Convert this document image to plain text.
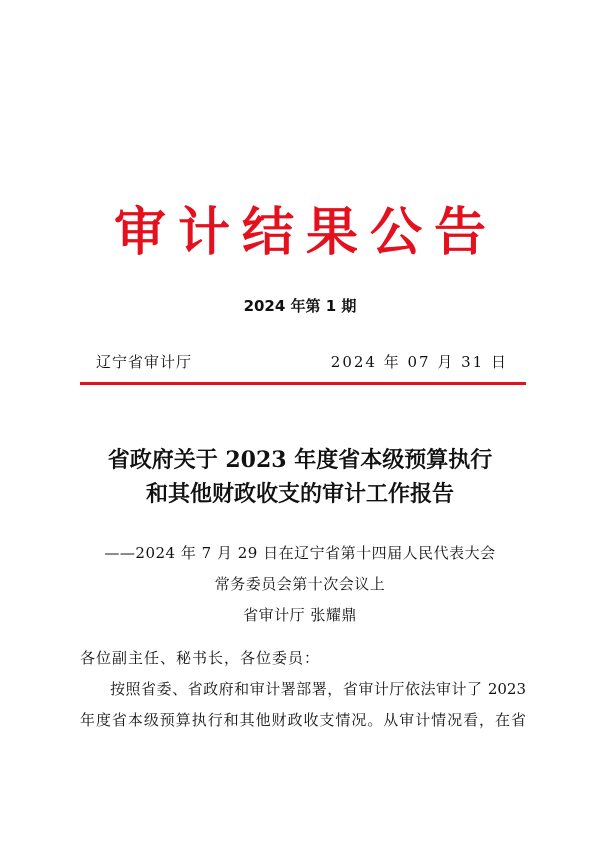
审计结果公告
2024 年第 1 期
辽宁省审计厅	2024 年 07 月 31 日
省政府关于 2023 年度省本级预算执行
和其他财政收支的审计工作报告
——2024 年 7 月 29 日在辽宁省第十四届人民代表大会
常务委员会第十次会议上
省审计厅 张耀鼎
各位副主任、秘书长，各位委员：
按照省委、省政府和审计署部署，省审计厅依法审计了 2023
年度省本级预算执行和其他财政收支情况。从审计情况看，在省
